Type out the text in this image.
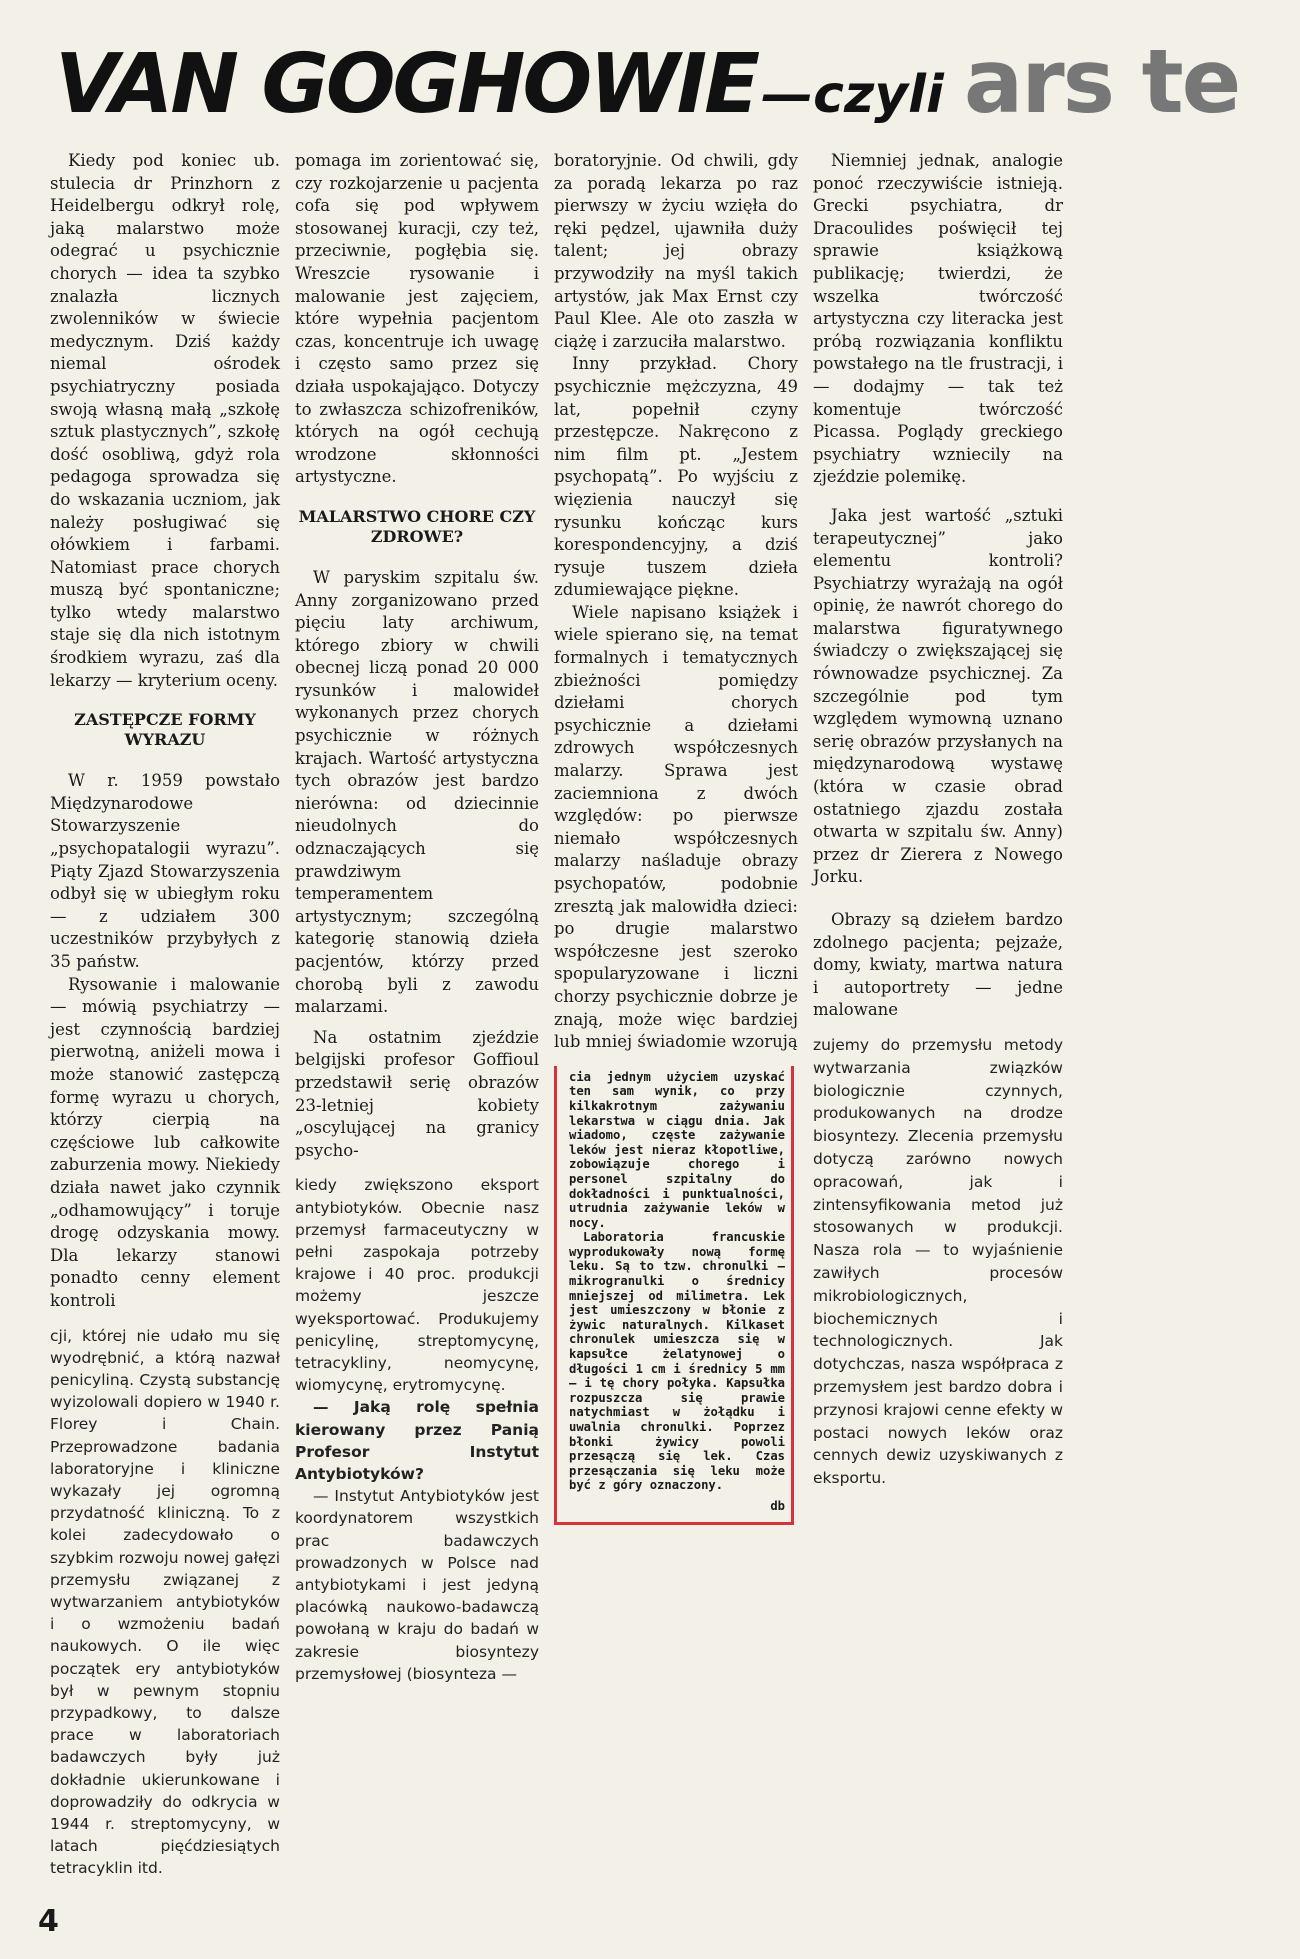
VAN GOGHOWIE—czyli ars te

Kiedy pod koniec ub. stulecia dr Prinzhorn z Heidelbergu odkrył rolę, jaką malarstwo może odegrać u psychicznie chorych — idea ta szybko znalazła licznych zwolenników w świecie medycznym. Dziś każdy niemal ośrodek psychiatryczny posiada swoją własną małą „szkołę sztuk plastycznych”, szkołę dość osobliwą, gdyż rola pedagoga sprowadza się do wskazania uczniom, jak należy posługiwać się ołówkiem i farbami. Natomiast prace chorych muszą być spontaniczne; tylko wtedy malarstwo staje się dla nich istotnym środkiem wyrazu, zaś dla lekarzy — kryterium oceny.

ZASTĘPCZE FORMY WYRAZU

W r. 1959 powstało Międzynarodowe Stowarzyszenie „psychopatalogii wyrazu”. Piąty Zjazd Stowarzyszenia odbył się w ubiegłym roku — z udziałem 300 uczestników przybyłych z 35 państw.

Rysowanie i malowanie — mówią psychiatrzy — jest czynnością bardziej pierwotną, aniżeli mowa i może stanowić zastępczą formę wyrazu u chorych, którzy cierpią na częściowe lub całkowite zaburzenia mowy. Niekiedy działa nawet jako czynnik „odhamowujący” i toruje drogę odzyskania mowy. Dla lekarzy stanowi ponadto cenny element kontroli

cji, której nie udało mu się wyodrębnić, a którą nazwał penicyliną. Czystą substancję wyizolowali dopiero w 1940 r. Florey i Chain. Przeprowadzone badania laboratoryjne i kliniczne wykazały jej ogromną przydatność kliniczną. To z kolei zadecydowało o szybkim rozwoju nowej gałęzi przemysłu związanej z wytwarzaniem antybiotyków i o wzmożeniu badań naukowych. O ile więc początek ery antybiotyków był w pewnym stopniu przypadkowy, to dalsze prace w laboratoriach badawczych były już dokładnie ukierunkowane i doprowadziły do odkrycia w 1944 r. streptomycyny, w latach pięćdziesiątych tetracyklin itd.

pomaga im zorientować się, czy rozkojarzenie u pacjenta cofa się pod wpływem stosowanej kuracji, czy też, przeciwnie, pogłębia się. Wreszcie rysowanie i malowanie jest zajęciem, które wypełnia pacjentom czas, koncentruje ich uwagę i często samo przez się działa uspokajająco. Dotyczy to zwłaszcza schizofreników, których na ogół cechują wrodzone skłonności artystyczne.

MALARSTWO CHORE CZY ZDROWE?

W paryskim szpitalu św. Anny zorganizowano przed pięciu laty archiwum, którego zbiory w chwili obecnej liczą ponad 20 000 rysunków i malowideł wykonanych przez chorych psychicznie w różnych krajach. Wartość artystyczna tych obrazów jest bardzo nierówna: od dziecinnie nieudolnych do odznaczających się prawdziwym temperamentem artystycznym; szczególną kategorię stanowią dzieła pacjentów, którzy przed chorobą byli z zawodu malarzami.

Na ostatnim zjeździe belgijski profesor Goffioul przedstawił serię obrazów 23-letniej kobiety „oscylującej na granicy psycho-

kiedy zwiększono eksport antybiotyków. Obecnie nasz przemysł farmaceutyczny w pełni zaspokaja potrzeby krajowe i 40 proc. produkcji możemy jeszcze wyeksportować. Produkujemy penicylinę, streptomycynę, tetracykliny, neomycynę, wiomycynę, erytromycynę.

— Jaką rolę spełnia kierowany przez Panią Profesor Instytut Antybiotyków?

— Instytut Antybiotyków jest koordynatorem wszystkich prac badawczych prowadzonych w Polsce nad antybiotykami i jest jedyną placówką naukowo-badawczą powołaną w kraju do badań w zakresie biosyntezy przemysłowej (biosynteza —

boratoryjnie. Od chwili, gdy za poradą lekarza po raz pierwszy w życiu wzięła do ręki pędzel, ujawniła duży talent; jej obrazy przywodziły na myśl takich artystów, jak Max Ernst czy Paul Klee. Ale oto zaszła w ciążę i zarzuciła malarstwo.

Inny przykład. Chory psychicznie mężczyzna, 49 lat, popełnił czyny przestępcze. Nakręcono z nim film pt. „Jestem psychopatą”. Po wyjściu z więzienia nauczył się rysunku kończąc kurs korespondencyjny, a dziś rysuje tuszem dzieła zdumiewające piękne.

Wiele napisano książek i wiele spierano się, na temat formalnych i tematycznych zbieżności pomiędzy dziełami chorych psychicznie a dziełami zdrowych współczesnych malarzy. Sprawa jest zaciemniona z dwóch względów: po pierwsze niemało współczesnych malarzy naśladuje obrazy psychopatów, podobnie zresztą jak malowidła dzieci: po drugie malarstwo współczesne jest szeroko spopularyzowane i liczni chorzy psychicznie dobrze je znają, może więc bardziej lub mniej świadomie wzorują

cia jednym użyciem uzyskać ten sam wynik, co przy kilkakrotnym zażywaniu lekarstwa w ciągu dnia. Jak wiadomo, częste zażywanie leków jest nieraz kłopotliwe, zobowiązuje chorego i personel szpitalny do dokładności i punktualności, utrudnia zażywanie leków w nocy.

Laboratoria francuskie wyprodukowały nową formę leku. Są to tzw. chronulki — mikrogranulki o średnicy mniejszej od milimetra. Lek jest umieszczony w błonie z żywic naturalnych. Kilkaset chronulek umieszcza się w kapsułce żelatynowej o długości 1 cm i średnicy 5 mm — i tę chory połyka. Kapsułka rozpuszcza się prawie natychmiast w żołądku i uwalnia chronulki. Poprzez błonki żywicy powoli przesączą się lek. Czas przesączania się leku może być z góry oznaczony.

db

Niemniej jednak, analogie ponoć rzeczywiście istnieją. Grecki psychiatra, dr Dracoulides poświęcił tej sprawie książkową publikację; twierdzi, że wszelka twórczość artystyczna czy literacka jest próbą rozwiązania konfliktu powstałego na tle frustracji, i — dodajmy — tak też komentuje twórczość Picassa. Poglądy greckiego psychiatry wzniecily na zjeździe polemikę.

Jaka jest wartość „sztuki terapeutycznej” jako elementu kontroli? Psychiatrzy wyrażają na ogół opinię, że nawrót chorego do malarstwa figuratywnego świadczy o zwiększającej się równowadze psychicznej. Za szczególnie pod tym względem wymowną uznano serię obrazów przysłanych na międzynarodową wystawę (która w czasie obrad ostatniego zjazdu została otwarta w szpitalu św. Anny) przez dr Zierera z Nowego Jorku.

Obrazy są dziełem bardzo zdolnego pacjenta; pejzaże, domy, kwiaty, martwa natura i autoportrety — jedne malowane

zujemy do przemysłu metody wytwarzania związków biologicznie czynnych, produkowanych na drodze biosyntezy. Zlecenia przemysłu dotyczą zarówno nowych opracowań, jak i zintensyfikowania metod już stosowanych w produkcji. Nasza rola — to wyjaśnienie zawiłych procesów mikrobiologicznych, biochemicznych i technologicznych. Jak dotychczas, nasza współpraca z przemysłem jest bardzo dobra i przynosi krajowi cenne efekty w postaci nowych leków oraz cennych dewiz uzyskiwanych z eksportu.

4
